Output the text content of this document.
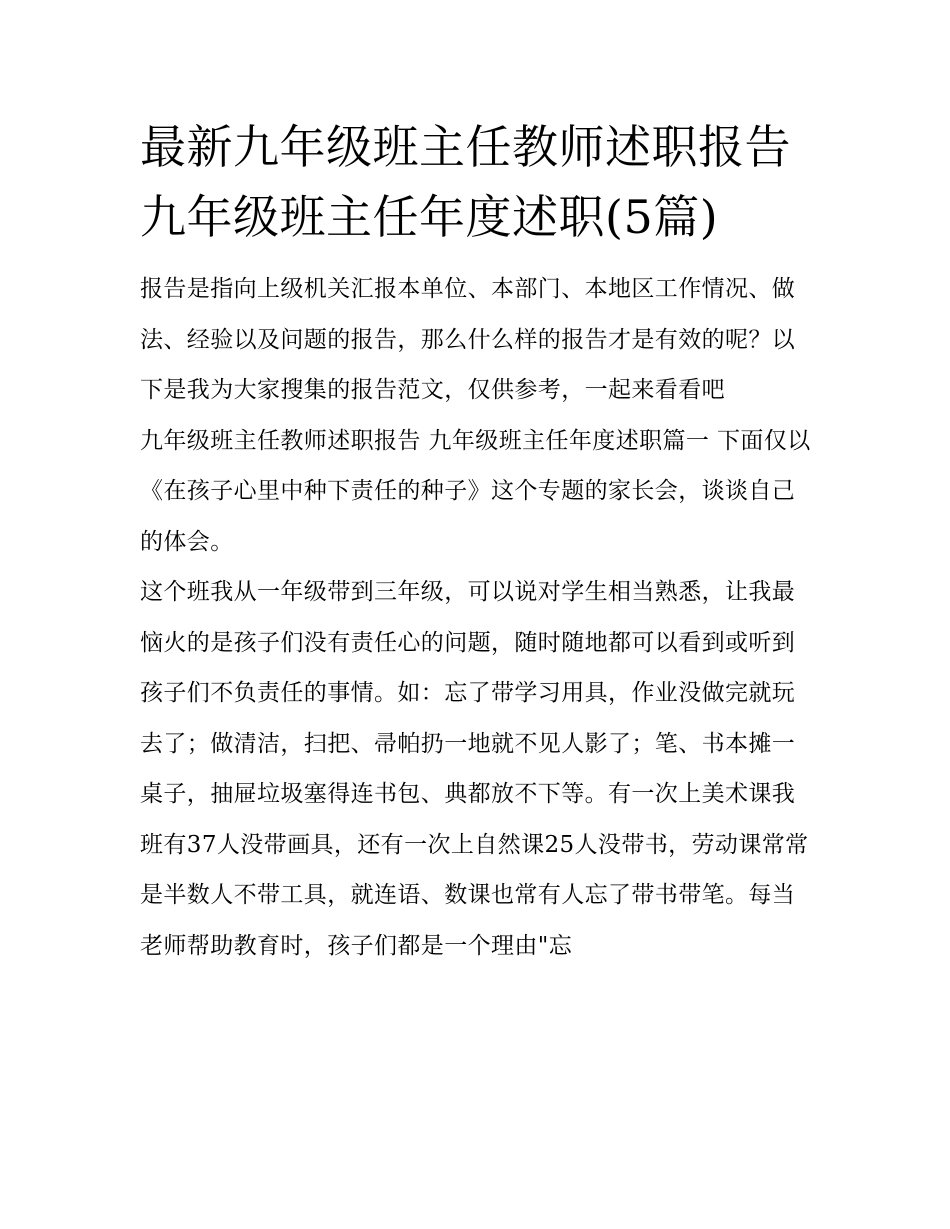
最新九年级班主任教师述职报告 九年级班主任年度述职(5篇)

报告是指向上级机关汇报本单位、本部门、本地区工作情况、做法、经验以及问题的报告，那么什么样的报告才是有效的呢？以下是我为大家搜集的报告范文，仅供参考，一起来看看吧

九年级班主任教师述职报告 九年级班主任年度述职篇一 下面仅以《在孩子心里中种下责任的种子》这个专题的家长会，谈谈自己的体会。

这个班我从一年级带到三年级，可以说对学生相当熟悉，让我最恼火的是孩子们没有责任心的问题，随时随地都可以看到或听到孩子们不负责任的事情。如：忘了带学习用具，作业没做完就玩去了；做清洁，扫把、帚帕扔一地就不见人影了；笔、书本摊一桌子，抽屉垃圾塞得连书包、典都放不下等。有一次上美术课我班有37人没带画具，还有一次上自然课25人没带书，劳动课常常是半数人不带工具，就连语、数课也常有人忘了带书带笔。每当老师帮助教育时，孩子们都是一个理由"忘
